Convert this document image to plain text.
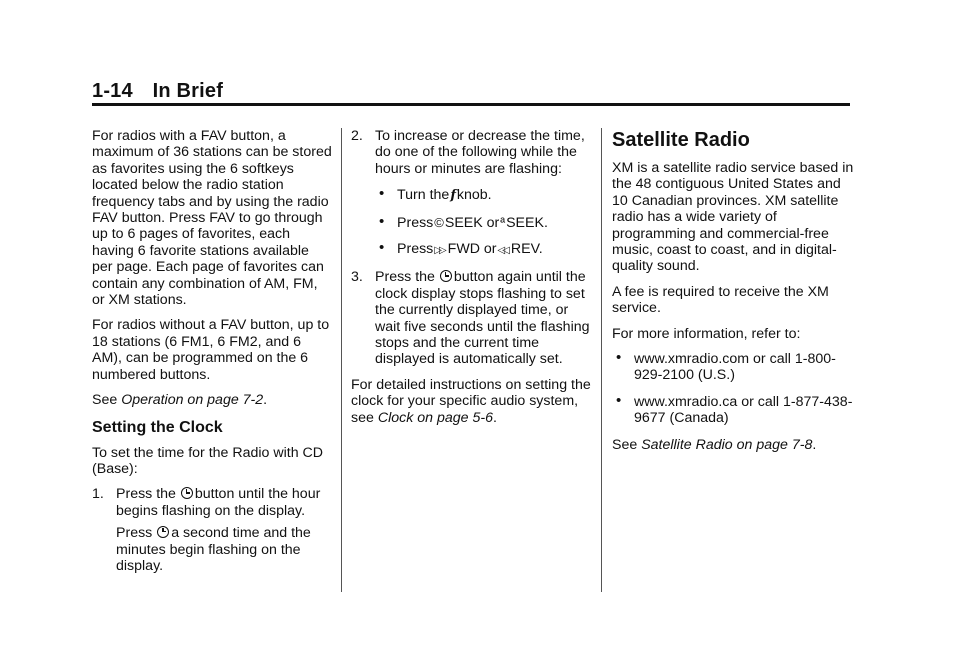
1-14 In Brief

For radios with a FAV button, a maximum of 36 stations can be stored as favorites using the 6 softkeys located below the radio station frequency tabs and by using the radio FAV button. Press FAV to go through up to 6 pages of favorites, each having 6 favorite stations available per page. Each page of favorites can contain any combination of AM, FM, or XM stations.

For radios without a FAV button, up to 18 stations (6 FM1, 6 FM2, and 6 AM), can be programmed on the 6 numbered buttons.

See Operation on page 7-2.

Setting the Clock

To set the time for the Radio with CD (Base):

1. Press the button until the hour begins flashing on the display.

Press a second time and the minutes begin flashing on the display.

2. To increase or decrease the time, do one of the following while the hours or minutes are flashing:

• Turn thefknob.
• Press©SEEK orªSEEK.
• Press▷▷ FWD or◁◁ REV.
3. Press the button again until the clock display stops flashing to set the currently displayed time, or wait five seconds until the flashing stops and the current time displayed is automatically set.

For detailed instructions on setting the clock for your specific audio system, see Clock on page 5-6.

Satellite Radio

XM is a satellite radio service based in the 48 contiguous United States and 10 Canadian provinces. XM satellite radio has a wide variety of programming and commercial-free music, coast to coast, and in digital-quality sound.

A fee is required to receive the XM service.

For more information, refer to:

• www.xmradio.com or call 1-800-929-2100 (U.S.)
• www.xmradio.ca or call 1-877-438-9677 (Canada)

See Satellite Radio on page 7-8.
